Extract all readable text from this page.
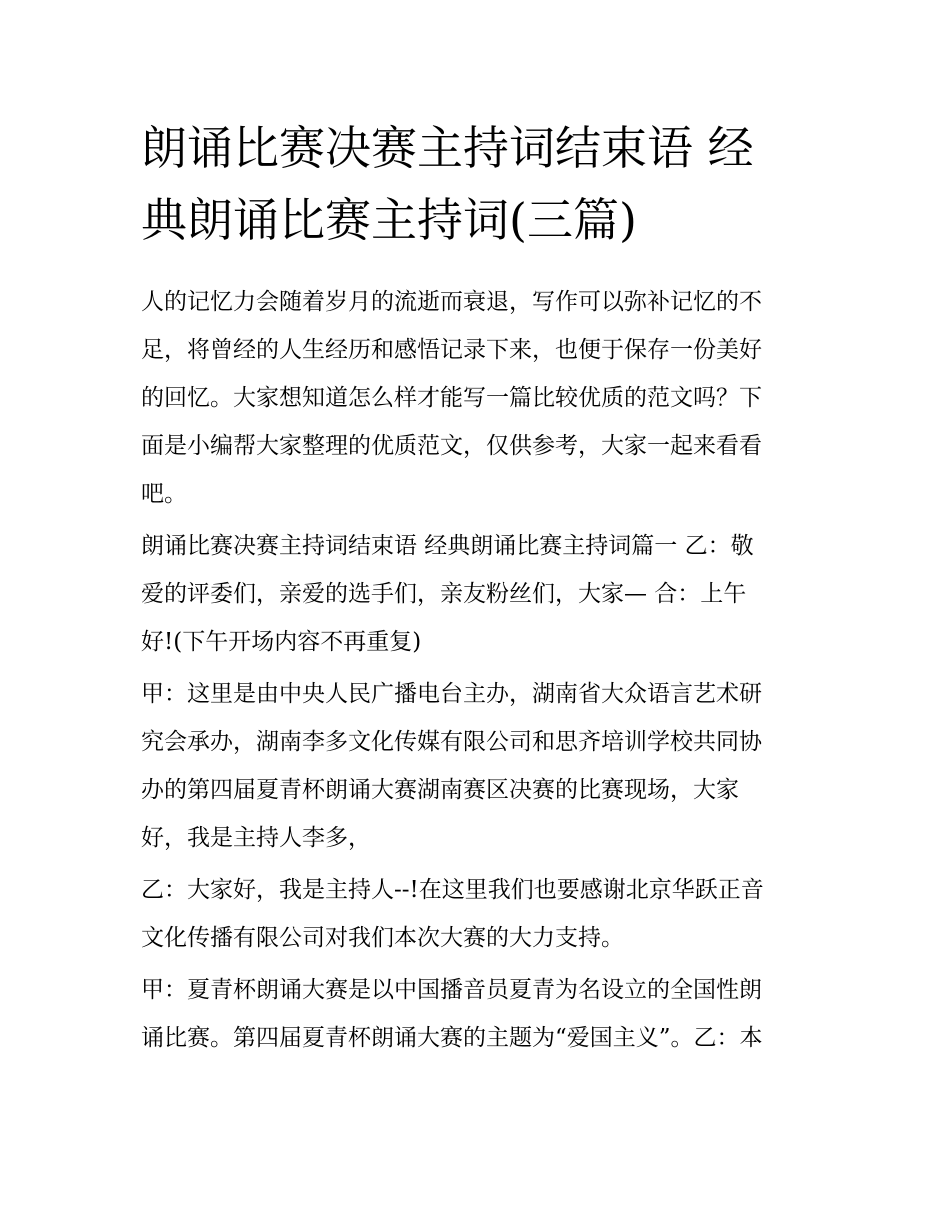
朗诵比赛决赛主持词结束语 经
典朗诵比赛主持词(三篇)

人的记忆力会随着岁月的流逝而衰退，写作可以弥补记忆的不
足，将曾经的人生经历和感悟记录下来，也便于保存一份美好
的回忆。大家想知道怎么样才能写一篇比较优质的范文吗？下
面是小编帮大家整理的优质范文，仅供参考，大家一起来看看
吧。

朗诵比赛决赛主持词结束语 经典朗诵比赛主持词篇一 乙：敬
爱的评委们，亲爱的选手们，亲友粉丝们，大家— 合：上午
好!(下午开场内容不再重复)

甲：这里是由中央人民广播电台主办，湖南省大众语言艺术研
究会承办，湖南李多文化传媒有限公司和思齐培训学校共同协
办的第四届夏青杯朗诵大赛湖南赛区决赛的比赛现场，大家
好，我是主持人李多，

乙：大家好，我是主持人--!在这里我们也要感谢北京华跃正音
文化传播有限公司对我们本次大赛的大力支持。

甲：夏青杯朗诵大赛是以中国播音员夏青为名设立的全国性朗
诵比赛。第四届夏青杯朗诵大赛的主题为“爱国主义”。乙：本
